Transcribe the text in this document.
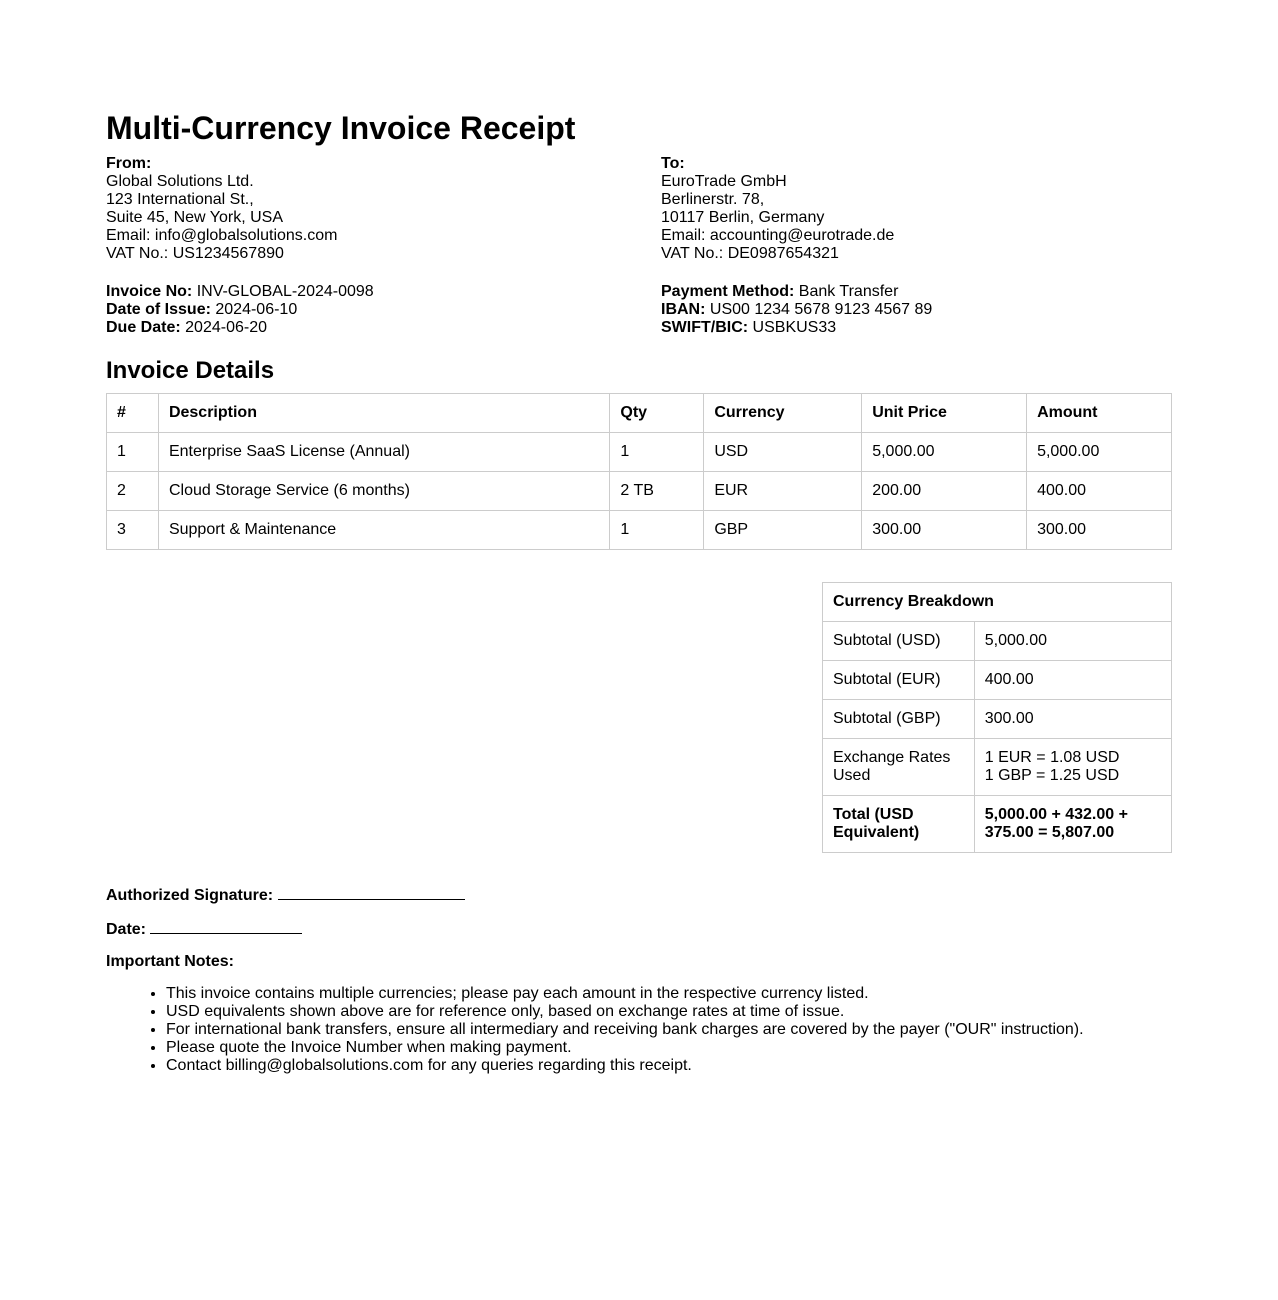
Multi-Currency Invoice Receipt
From:
Global Solutions Ltd.
123 International St.,
Suite 45, New York, USA
Email: info@globalsolutions.com
VAT No.: US1234567890
To:
EuroTrade GmbH
Berlinerstr. 78,
10117 Berlin, Germany
Email: accounting@eurotrade.de
VAT No.: DE0987654321
Invoice No: INV-GLOBAL-2024-0098
Date of Issue: 2024-06-10
Due Date: 2024-06-20
Payment Method: Bank Transfer
IBAN: US00 1234 5678 9123 4567 89
SWIFT/BIC: USBKUS33
Invoice Details
#	Description	Qty	Currency	Unit Price	Amount
1	Enterprise SaaS License (Annual)	1	USD	5,000.00	5,000.00
2	Cloud Storage Service (6 months)	2 TB	EUR	200.00	400.00
3	Support & Maintenance	1	GBP	300.00	300.00
Currency Breakdown	
Subtotal (USD)	5,000.00
Subtotal (EUR)	400.00
Subtotal (GBP)	300.00
Exchange Rates Used	1 EUR = 1.08 USD
1 GBP = 1.25 USD

Total (USD Equivalent)	5,000.00 + 432.00 + 375.00 = 5,807.00
Authorized Signature:
Date:
Important Notes:
• This invoice contains multiple currencies; please pay each amount in the respective currency listed.
• USD equivalents shown above are for reference only, based on exchange rates at time of issue.
• For international bank transfers, ensure all intermediary and receiving bank charges are covered by the payer ("OUR" instruction).
• Please quote the Invoice Number when making payment.
• Contact billing@globalsolutions.com for any queries regarding this receipt.
